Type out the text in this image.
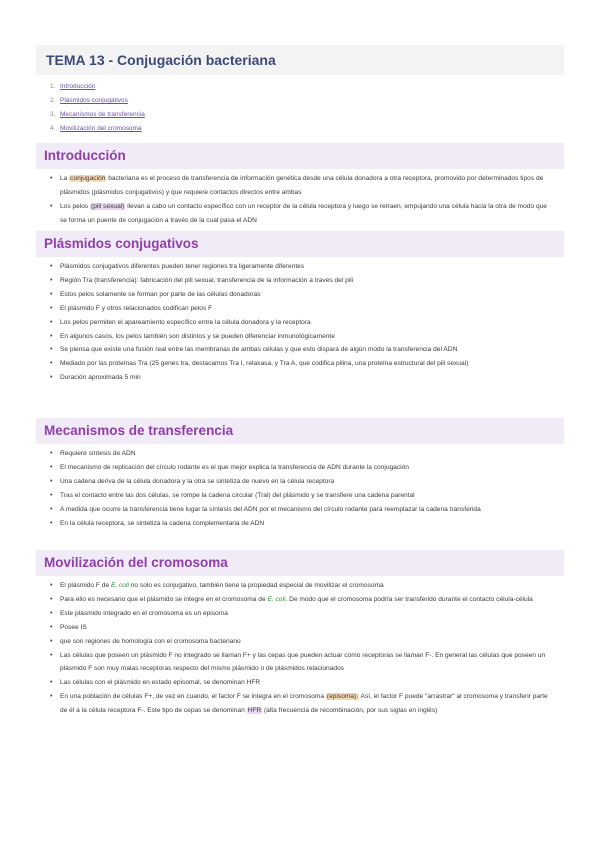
TEMA 13 - Conjugación bacteriana
1. Introducción
2. Plásmidos conjugativos
3. Mecanismos de transferencia
4. Movilización del cromosoma
Introducción
• La conjugación bacteriana es el proceso de transferencia de información genética desde una célula donadora a otra receptora, promovido por determinados tipos de plásmidos (plásmidos conjugativos) y que requiere contactos directos entre ambas
• Los pelos (pili sexual) llevan a cabo un contacto específico con un receptor de la célula receptora y luego se retraen, empujando una célula hacia la otra de modo que se forma un puente de conjugación a través de la cual pasa el ADN
Plásmidos conjugativos
• Plásmidos conjugativos diferentes pueden tener regiones tra ligeramente diferentes
• Región Tra (transferencia): fabricación del pili sexual, transferencia de la información a través del pili
• Estos pelos solamente se forman por parte de las células donadoras
• El plásmido F y otros relacionados codifican pelos F
• Los pelos permiten el apareamiento específico entre la célula donadora y la receptora
• En algunos casos, los pelos también son distintos y se pueden diferenciar inmunológicamente
• Se piensa que existe una fusión real entre las membranas de ambas células y que esto dispara de algún modo la transferencia del ADN
• Mediado por las proteínas Tra (25 genes tra, destacamos Tra I, relaxasa, y Tra A, que codifica pilina, una proteína estructural del pili sexual)
• Duración aproximada 5 min
Mecanismos de transferencia
• Requiere síntesis de ADN
• El mecanismo de replicación del círculo rodante es el que mejor explica la transferencia de ADN durante la conjugación
• Una cadena deriva de la célula donadora y la otra se sintetiza de nuevo en la célula receptora
• Tras el contacto entre las dos células, se rompe la cadena circular (Tral) del plásmido y se transfiere una cadena parental
• A medida que ocurre la transferencia tiene lugar la síntesis del ADN por el mecanismo del círculo rodante para reemplazar la cadena transferida
• En la célula receptora, se sintetiza la cadena complementaria de ADN
Movilización del cromosoma
• El plásmido F de E. coli no solo es conjugativo, también tiene la propiedad especial de movilizar el cromosoma
• Para ello es necesario que el plásmido se integre en el cromosoma de E. coli. De modo que el cromosoma podría ser transferido durante el contacto célula-célula
• Este plásmido integrado en el cromosoma es un episoma
• Posee IS
• que son regiones de homología con el cromosoma bacteriano
• Las células que poseen un plásmido F no integrado se llaman F+ y las cepas que pueden actuar como receptoras se llaman F-. En general las células que poseen un plásmido F son muy malas receptoras respecto del mismo plásmido o de plásmidos relacionados
• Las células con el plásmido en estado episomal, se denominan HFR
• En una población de células F+, de vez en cuando, el factor F se integra en el cromosoma (episoma). Así, el factor F puede "arrastrar" al cromosoma y transferir parte de él a la célula receptora F-. Este tipo de cepas se denominan HFR (alta frecuencia de recombinación, por sus siglas en inglés)
